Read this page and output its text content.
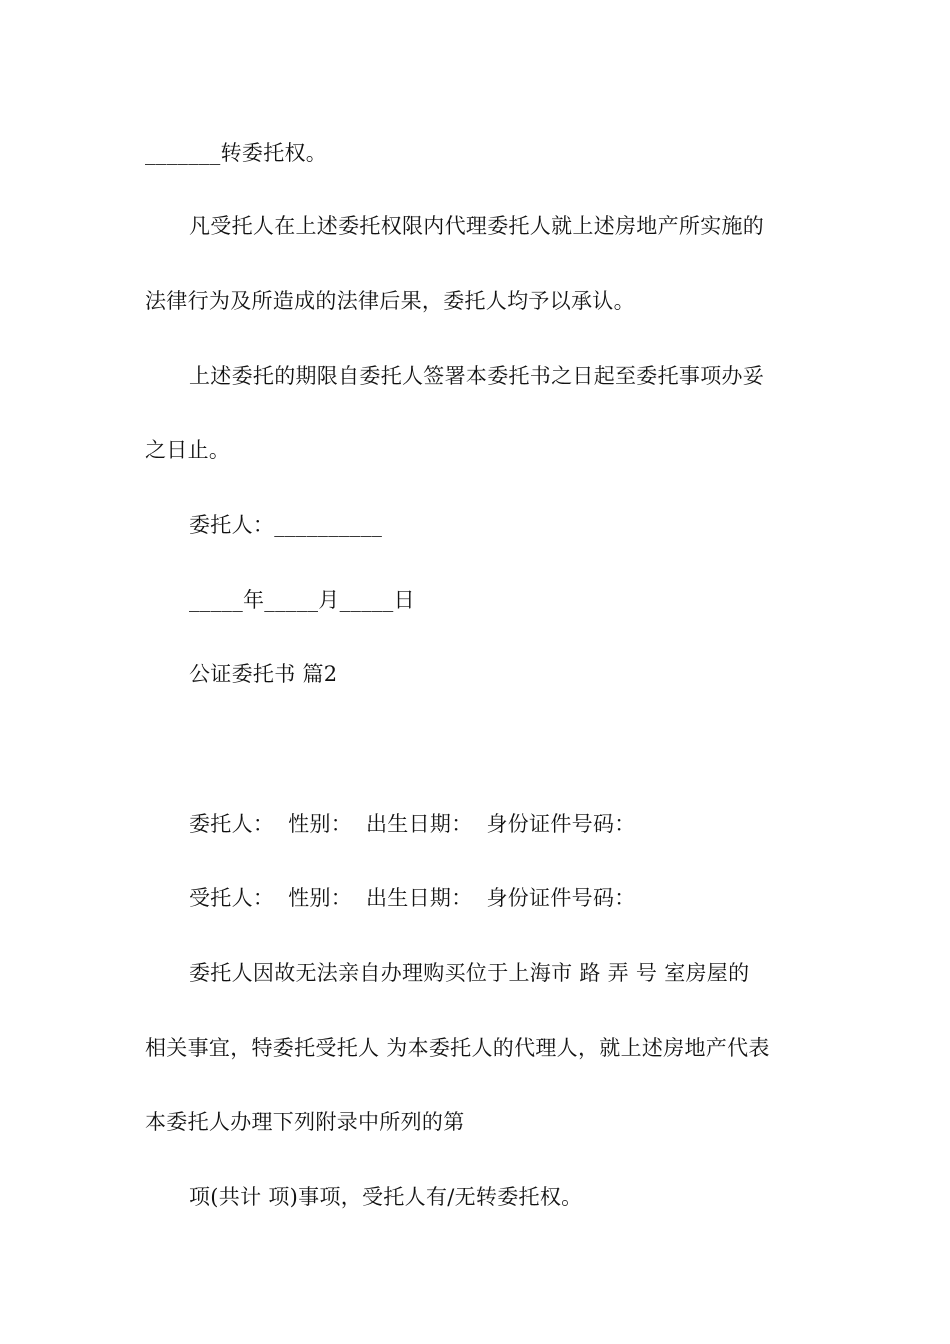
_______转委托权。
凡受托人在上述委托权限内代理委托人就上述房地产所实施的
法律行为及所造成的法律后果，委托人均予以承认。
上述委托的期限自委托人签署本委托书之日起至委托事项办妥
之日止。
委托人：__________
_____年_____月_____日
公证委托书 篇2
委托人：  性别：  出生日期：  身份证件号码：
受托人：  性别：  出生日期：  身份证件号码：
委托人因故无法亲自办理购买位于上海市 路 弄 号 室房屋的
相关事宜，特委托受托人 为本委托人的代理人，就上述房地产代表
本委托人办理下列附录中所列的第
项(共计 项)事项，受托人有/无转委托权。
